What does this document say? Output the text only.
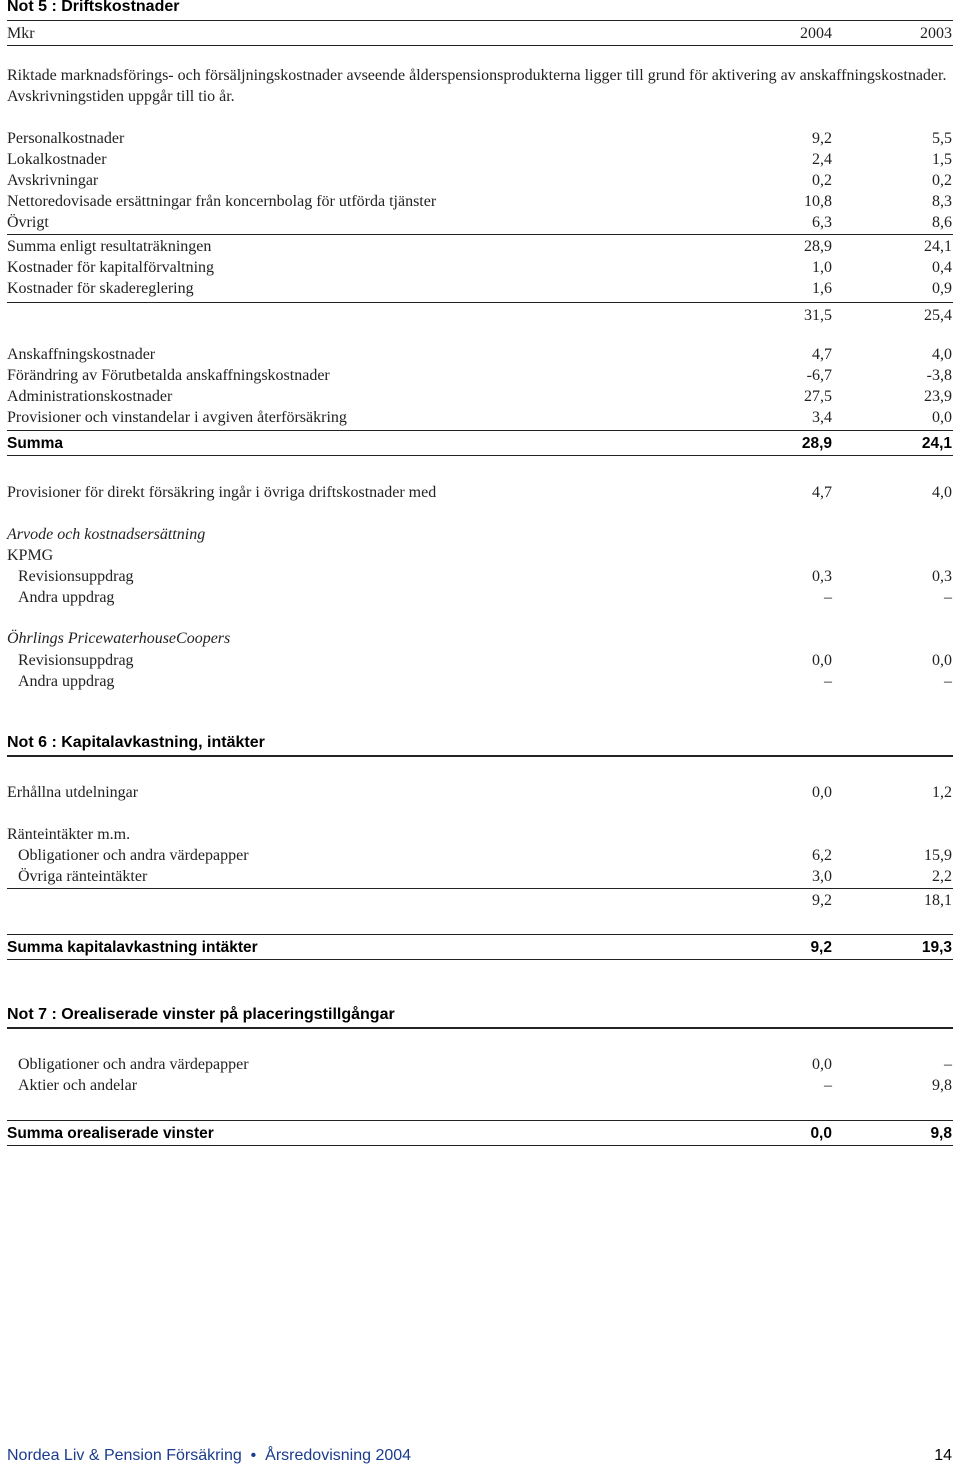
Not 5 : Driftskostnader
Mkr	2004	2003
Riktade marknadsförings- och försäljningskostnader avseende ålderspensionsprodukterna ligger till grund för aktivering av anskaffningskostnader. Avskrivningstiden uppgår till tio år.
Personalkostnader	9,2	5,5
Lokalkostnader	2,4	1,5
Avskrivningar	0,2	0,2
Nettoredovisade ersättningar från koncernbolag för utförda tjänster	10,8	8,3
Övrigt	6,3	8,6
Summa enligt resultaträkningen	28,9	24,1
Kostnader för kapitalförvaltning	1,0	0,4
Kostnader för skadereglering	1,6	0,9
31,5	25,4
Anskaffningskostnader	4,7	4,0
Förändring av Förutbetalda anskaffningskostnader	-6,7	-3,8
Administrationskostnader	27,5	23,9
Provisioner och vinstandelar i avgiven återförsäkring	3,4	0,0
Summa	28,9	24,1
Provisioner för direkt försäkring ingår i övriga driftskostnader med	4,7	4,0
Arvode och kostnadsersättning
KPMG
Revisionsuppdrag	0,3	0,3
Andra uppdrag	–	–
Öhrlings PricewaterhouseCoopers
Revisionsuppdrag	0,0	0,0
Andra uppdrag	–	–
Not 6 : Kapitalavkastning, intäkter
Erhållna utdelningar	0,0	1,2
Ränteintäkter m.m.
Obligationer och andra värdepapper	6,2	15,9
Övriga ränteintäkter	3,0	2,2
9,2	18,1
Summa kapitalavkastning intäkter	9,2	19,3
Not 7 : Orealiserade vinster på placeringstillgångar
Obligationer och andra värdepapper	0,0	–
Aktier och andelar	–	9,8
Summa orealiserade vinster	0,0	9,8
Nordea Liv & Pension Försäkring  •  Årsredovisning 2004	14
